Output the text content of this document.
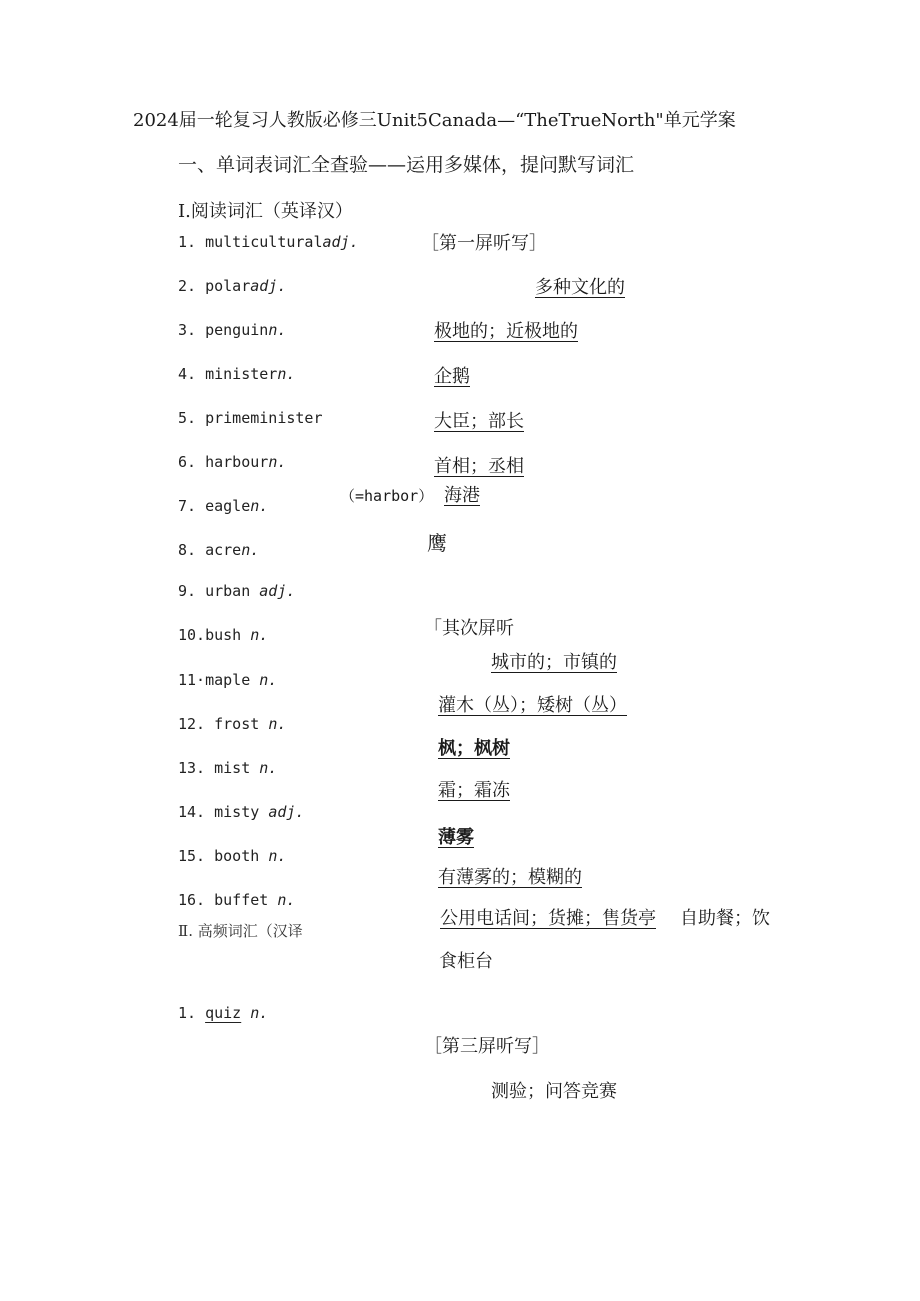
2024届一轮复习人教版必修三Unit5Canada—“TheTrueNorth"单元学案
一、单词表词汇全查验——运用多媒体，提问默写词汇
Ⅰ.阅读词汇（英译汉）
1. multiculturaladj.
2. polaradj.
3. penguinn.
4. ministern.
5. primeminister
6. harbourn.
7. eaglen.
8. acren.
9. urban adj.
10.bush n.
11·maple n.
12. frost n.
13. mist n.
14. misty adj.
15. booth n.
16. buffet n.
Ⅱ. 高频词汇（汉译
［第一屏听写］
「其次屏听
［第三屏听写］
（=harbor）
多种文化的
极地的；近极地的
企鹅
大臣；部长
首相；丞相
海港
鹰
城市的；市镇的
灌木（丛）；矮树（丛）
枫；枫树
霜；霜冻
薄雾
有薄雾的；模糊的
公用电话间；货摊；售货亭 自助餐；饮
食柜台
1. quiz n.
测验；问答竞赛
